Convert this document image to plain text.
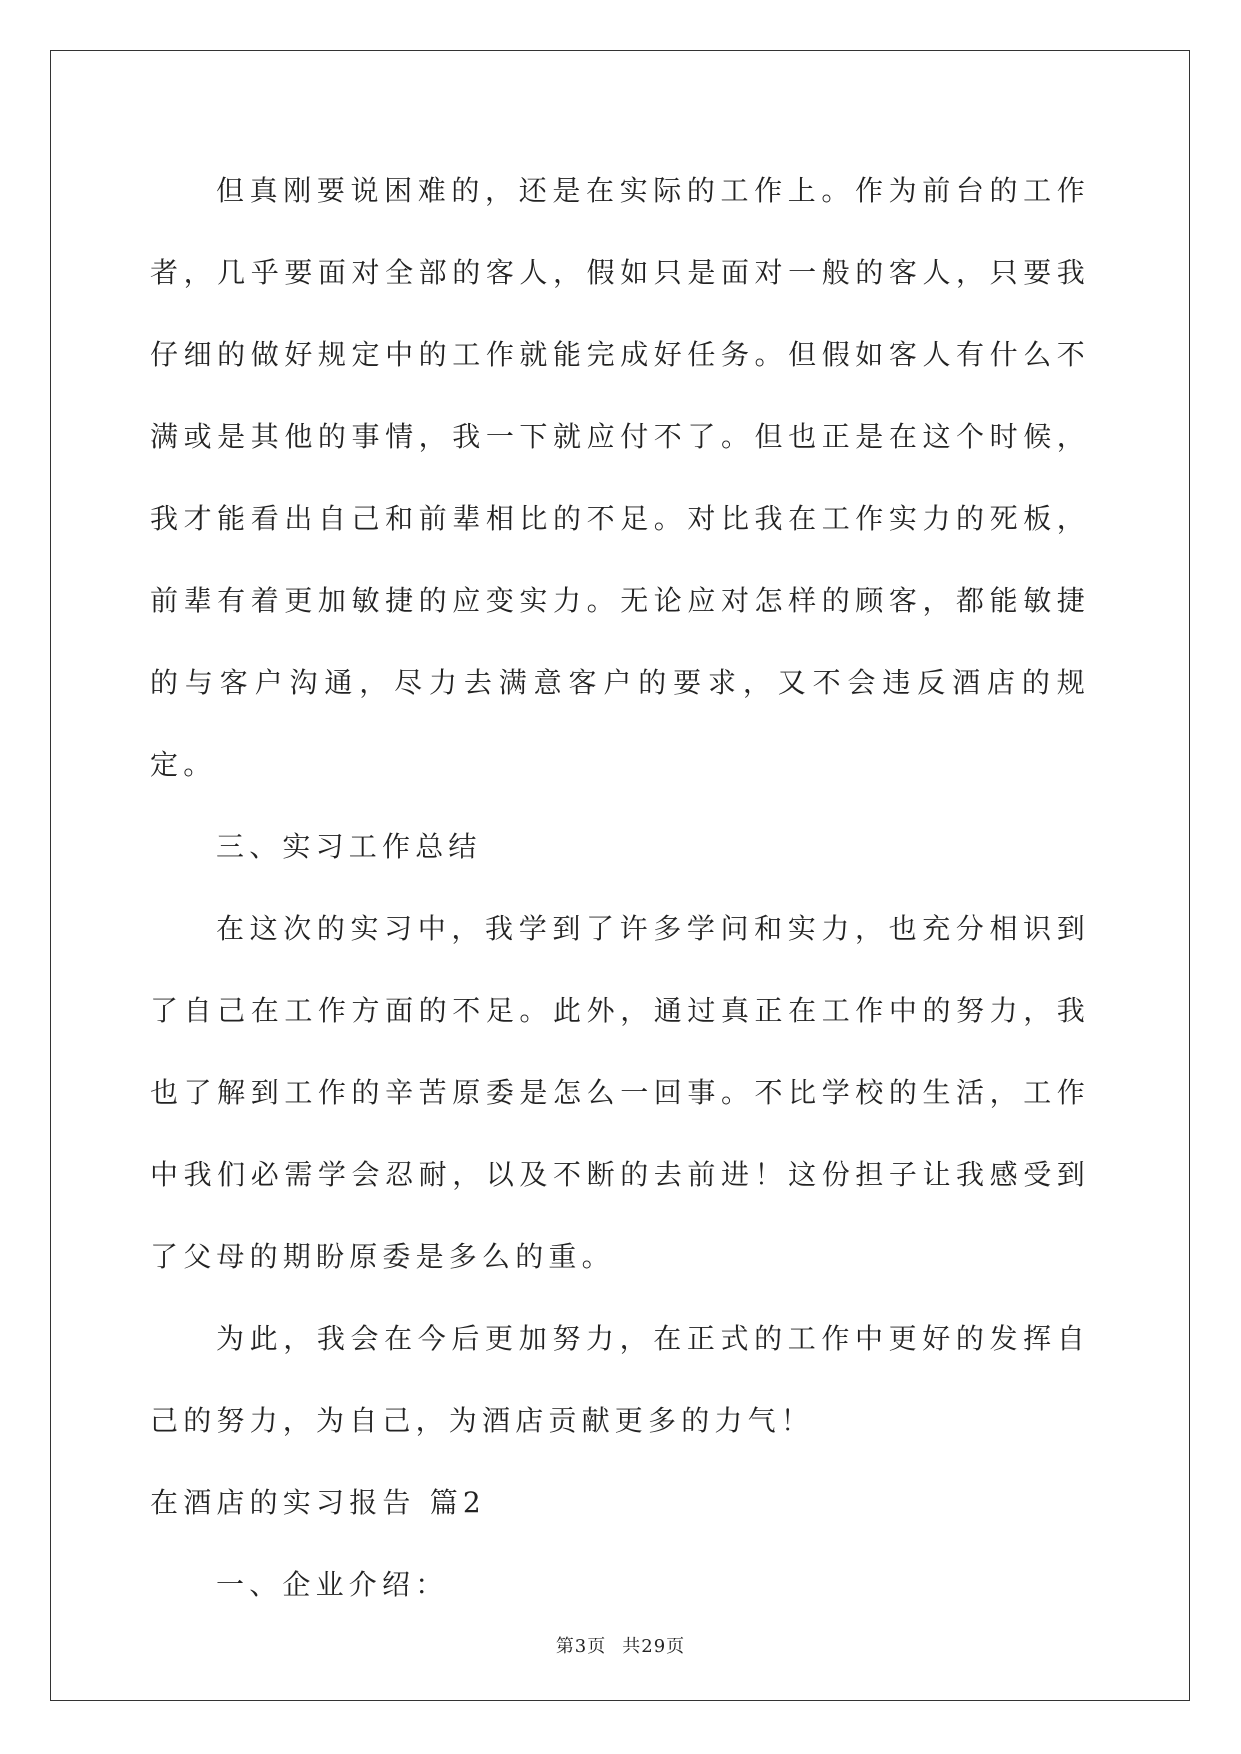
但真刚要说困难的，还是在实际的工作上。作为前台的工作者，几乎要面对全部的客人，假如只是面对一般的客人，只要我仔细的做好规定中的工作就能完成好任务。但假如客人有什么不满或是其他的事情，我一下就应付不了。但也正是在这个时候，我才能看出自己和前辈相比的不足。对比我在工作实力的死板，前辈有着更加敏捷的应变实力。无论应对怎样的顾客，都能敏捷的与客户沟通，尽力去满意客户的要求，又不会违反酒店的规定。

三、实习工作总结

在这次的实习中，我学到了许多学问和实力，也充分相识到了自己在工作方面的不足。此外，通过真正在工作中的努力，我也了解到工作的辛苦原委是怎么一回事。不比学校的生活，工作中我们必需学会忍耐，以及不断的去前进！这份担子让我感受到了父母的期盼原委是多么的重。

为此，我会在今后更加努力，在正式的工作中更好的发挥自己的努力，为自己，为酒店贡献更多的力气！

在酒店的实习报告 篇2

一、企业介绍：

第3页 共29页
